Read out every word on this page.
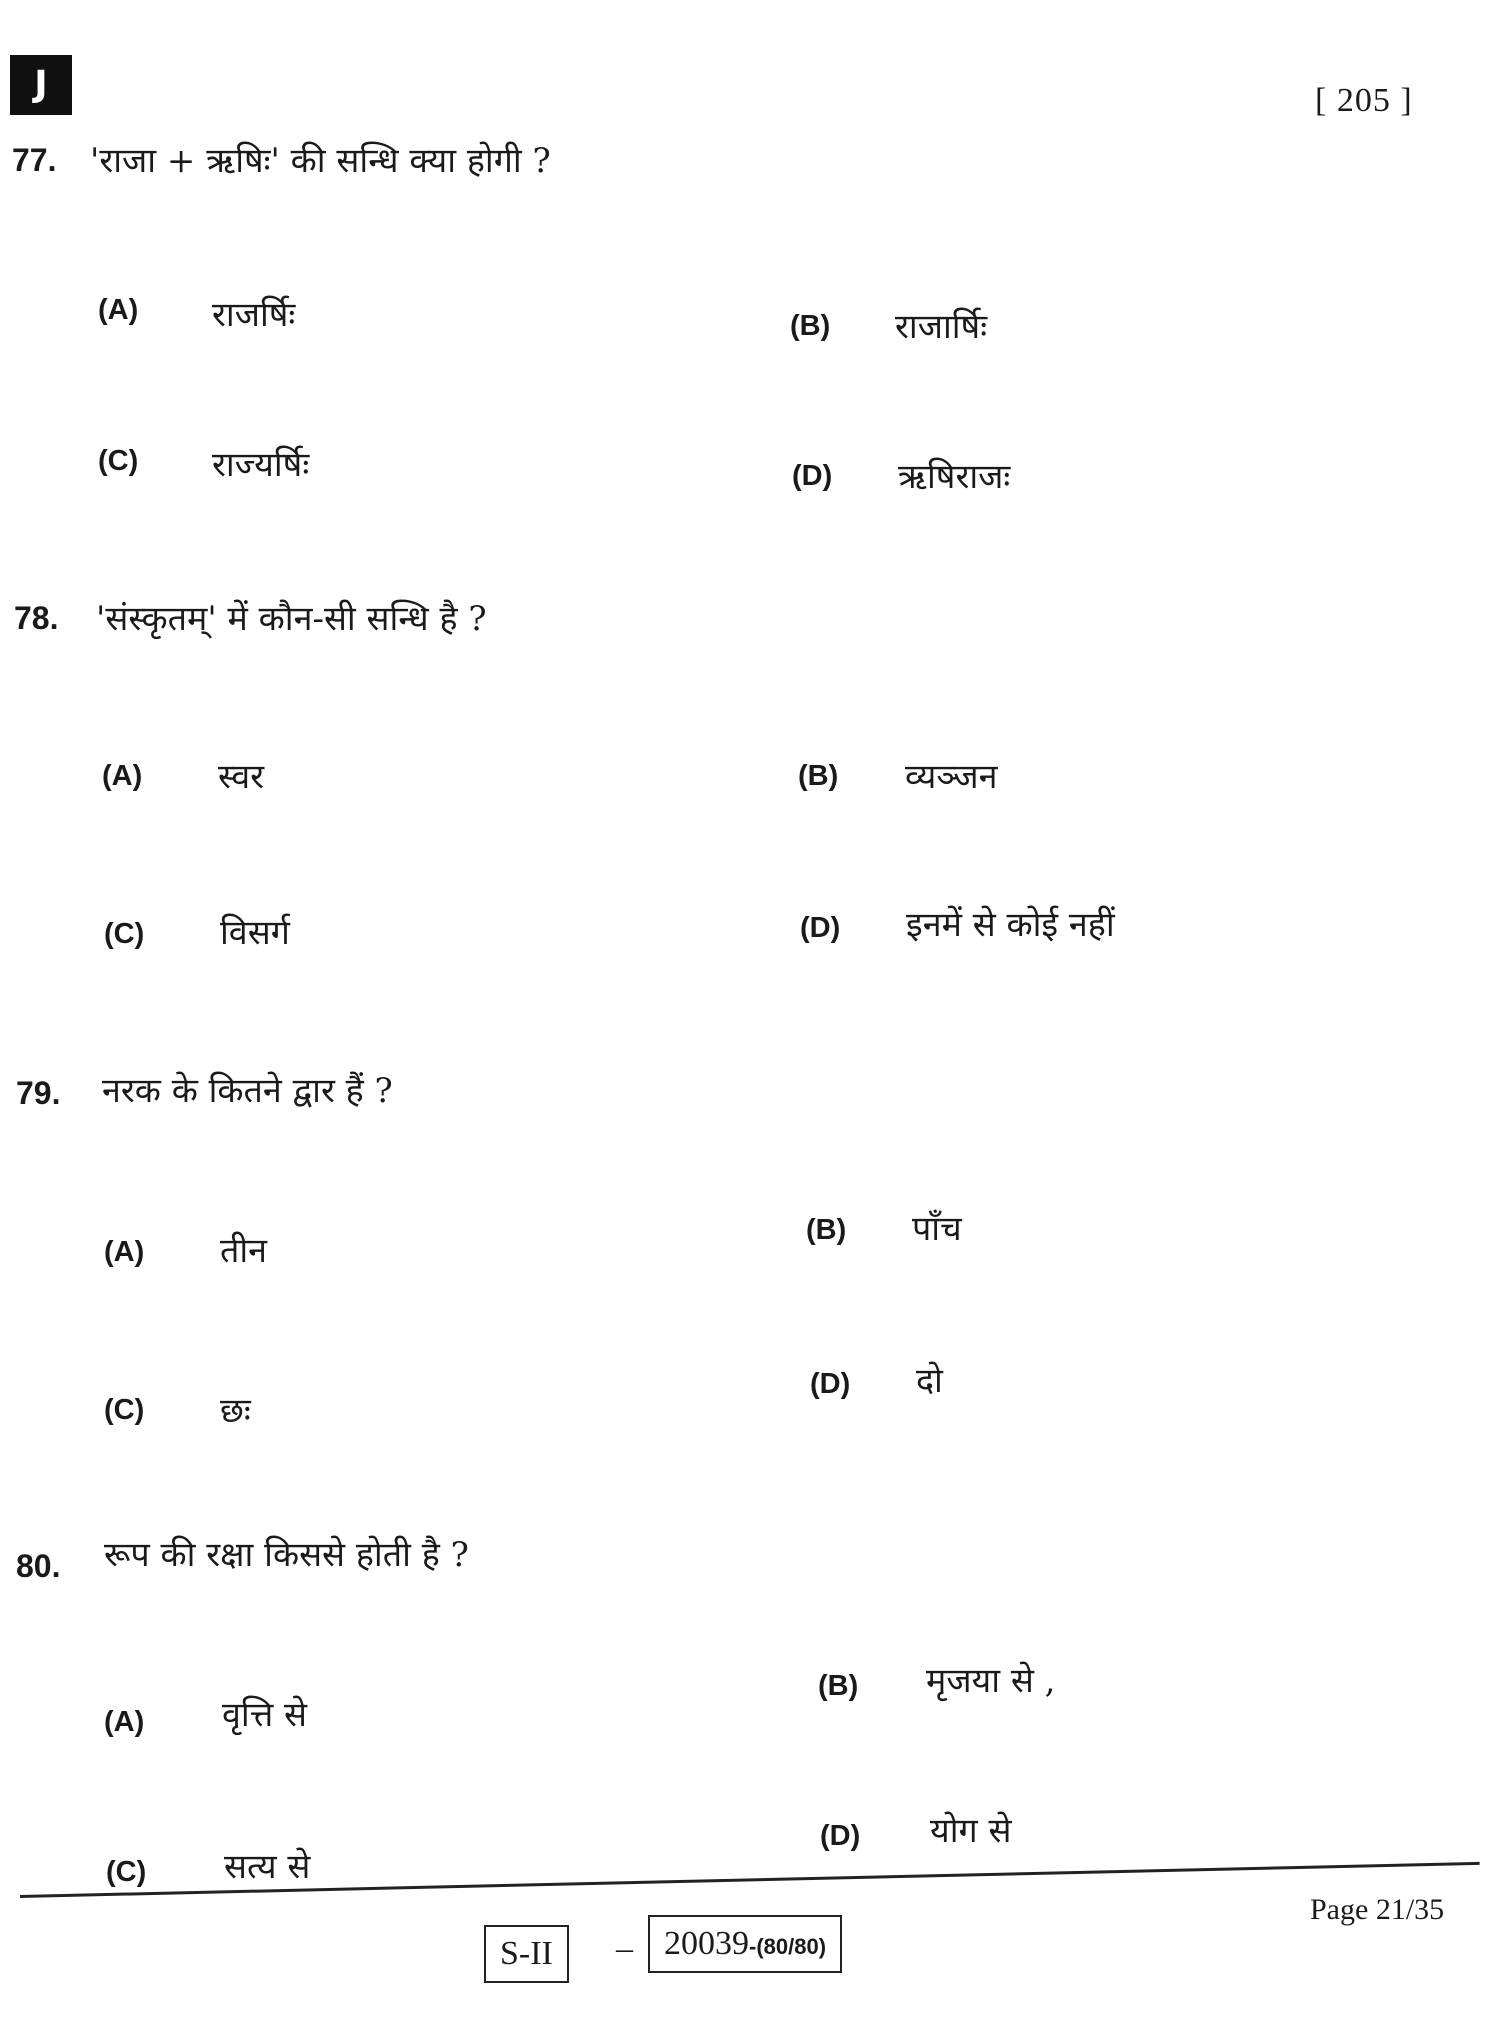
J	[ 205 ]
77. 'राजा + ऋषिः' की सन्धि क्या होगी ?
(A) राजर्षिः	(B) राजार्षिः
(C) राज्यर्षिः	(D) ऋषिराजः
78. 'संस्कृतम्' में कौन-सी सन्धि है ?
(A) स्वर	(B) व्यञ्जन
(C) विसर्ग	(D) इनमें से कोई नहीं
79. नरक के कितने द्वार हैं ?
(A) तीन
(B) पाँच
(C) छः
(D) दो
80. रूप की रक्षा किससे होती है ?
(A) वृत्ति से
(B) मृजया से ,
(C) सत्य से
(D) योग से
S-II	– 20039-(80/80)
Page 21/35
